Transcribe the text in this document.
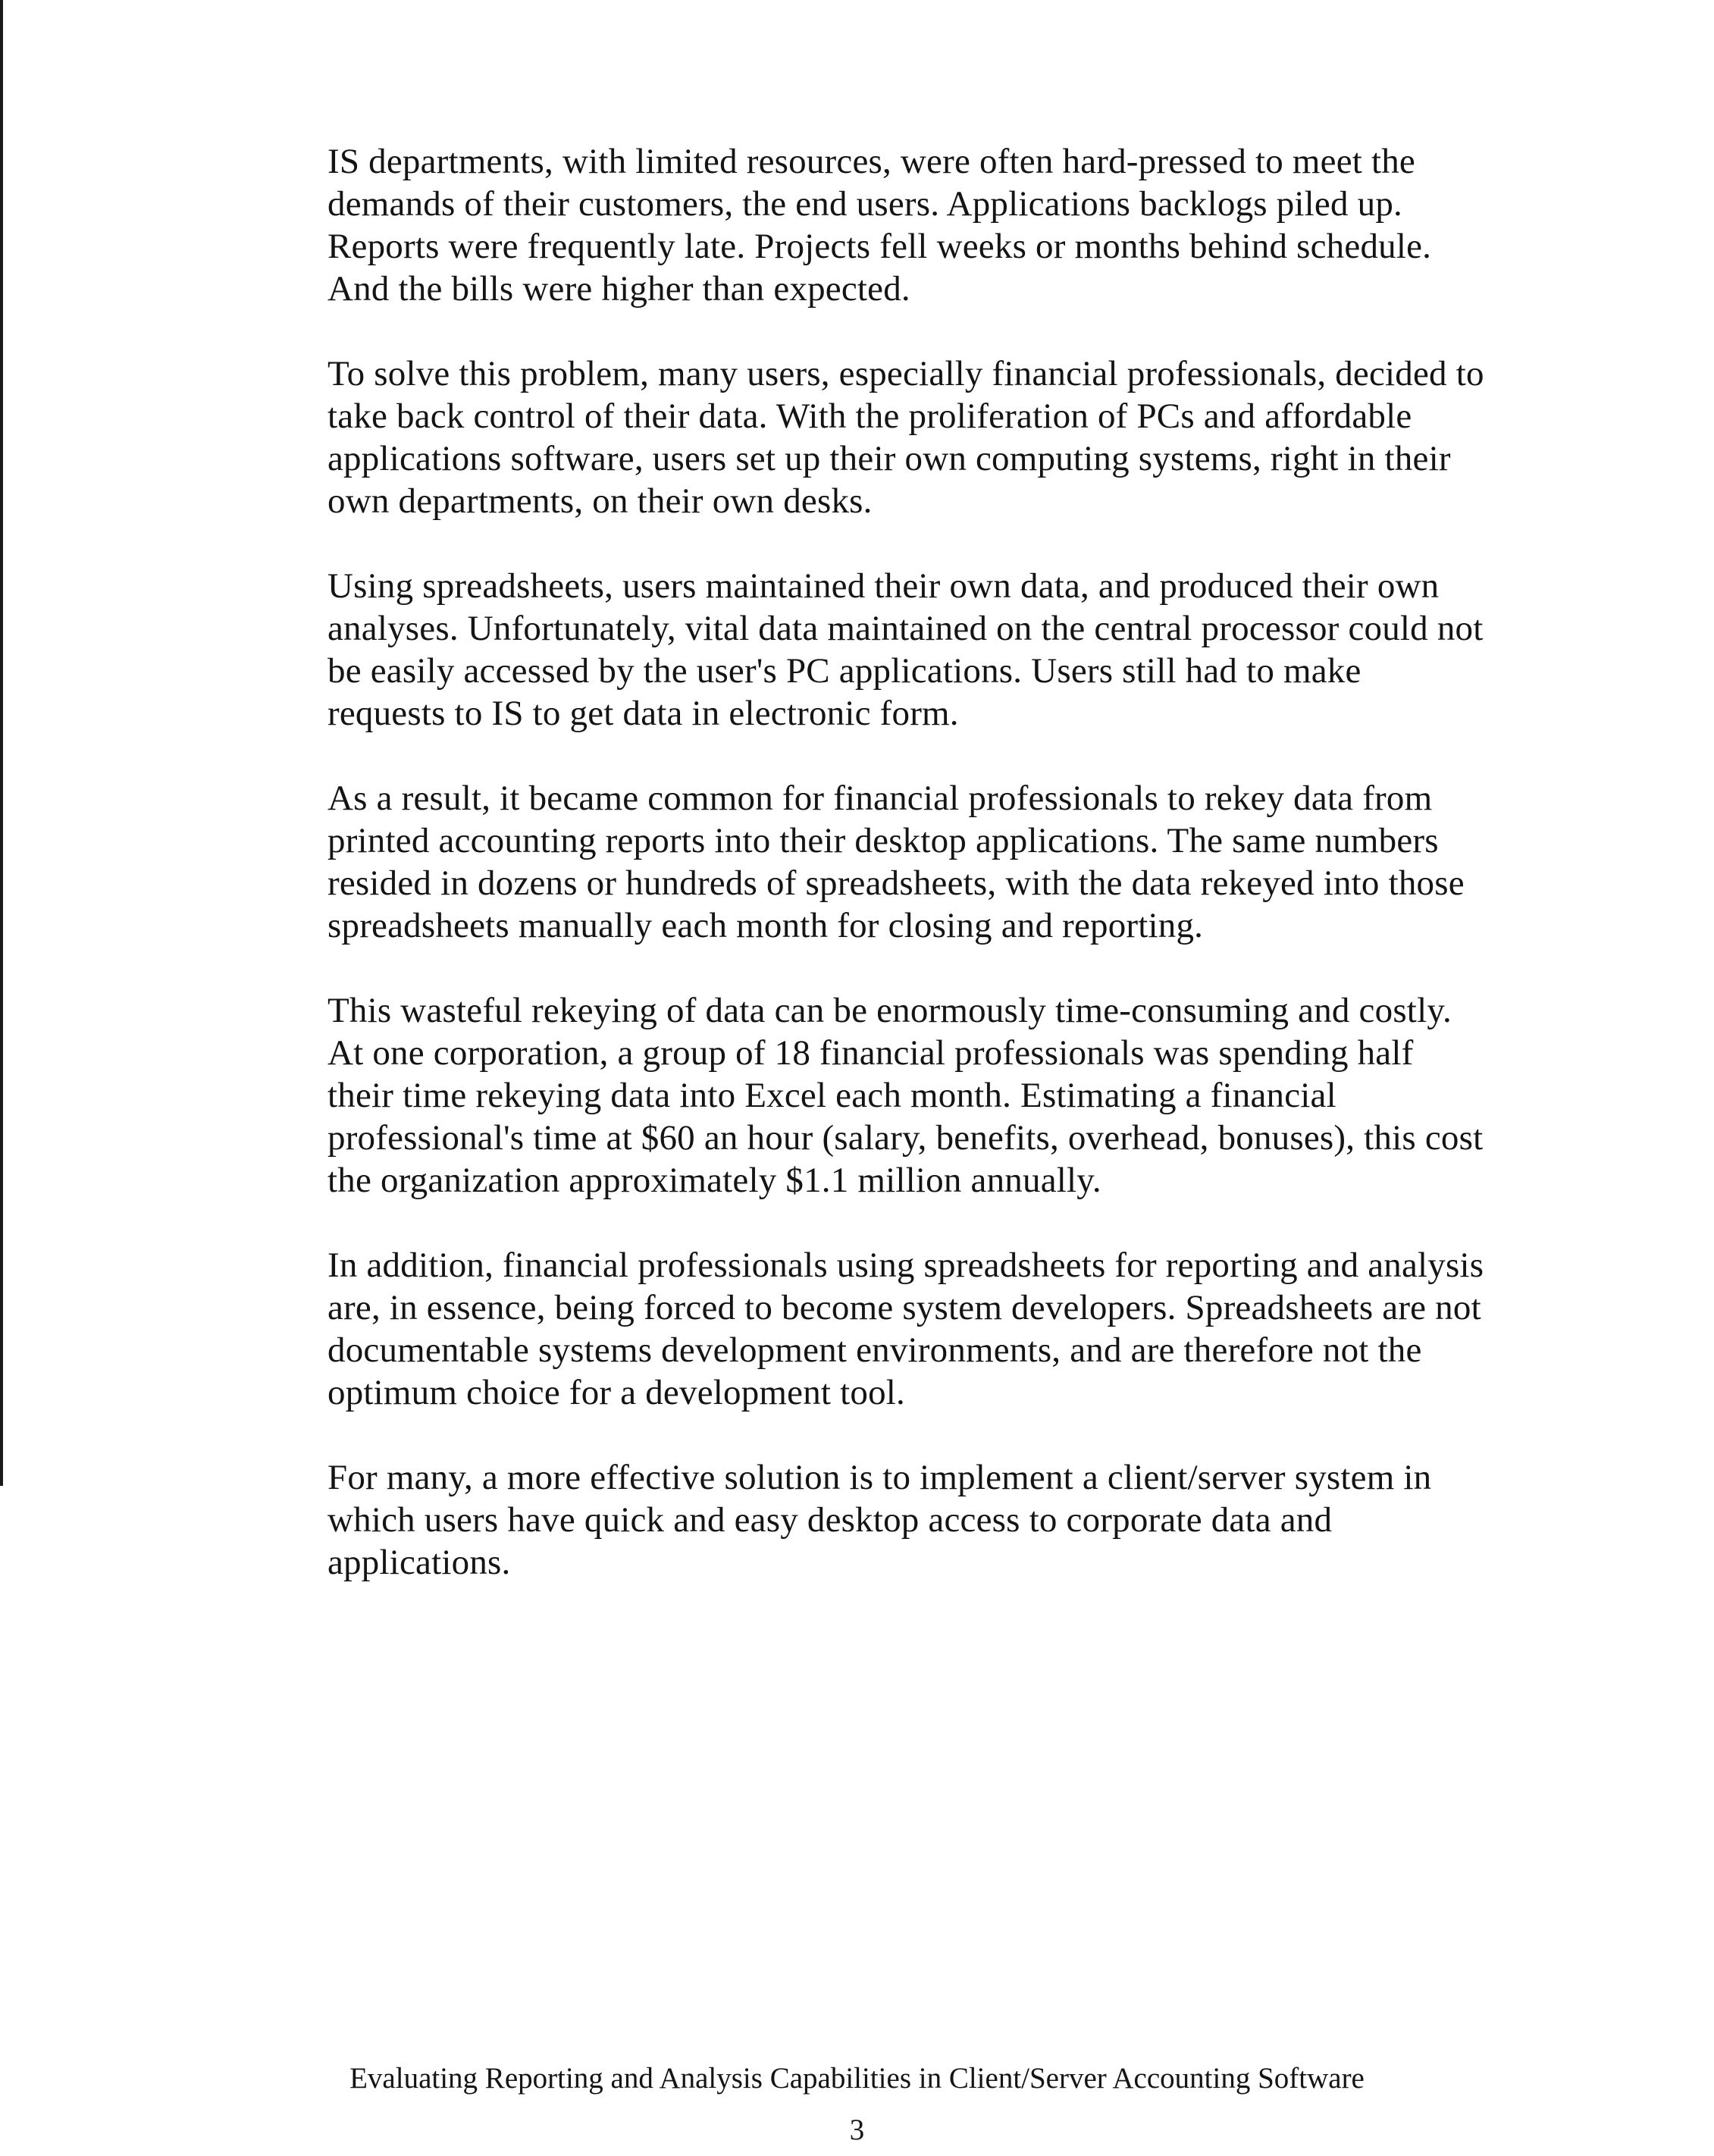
IS departments, with limited resources, were often hard-pressed to meet the demands of their customers, the end users. Applications backlogs piled up. Reports were frequently late. Projects fell weeks or months behind schedule. And the bills were higher than expected.

To solve this problem, many users, especially financial professionals, decided to take back control of their data. With the proliferation of PCs and affordable applications software, users set up their own computing systems, right in their own departments, on their own desks.

Using spreadsheets, users maintained their own data, and produced their own analyses. Unfortunately, vital data maintained on the central processor could not be easily accessed by the user's PC applications. Users still had to make requests to IS to get data in electronic form.

As a result, it became common for financial professionals to rekey data from printed accounting reports into their desktop applications. The same numbers resided in dozens or hundreds of spreadsheets, with the data rekeyed into those spreadsheets manually each month for closing and reporting.

This wasteful rekeying of data can be enormously time-consuming and costly. At one corporation, a group of 18 financial professionals was spending half their time rekeying data into Excel each month. Estimating a financial professional's time at $60 an hour (salary, benefits, overhead, bonuses), this cost the organization approximately $1.1 million annually.

In addition, financial professionals using spreadsheets for reporting and analysis are, in essence, being forced to become system developers. Spreadsheets are not documentable systems development environments, and are therefore not the optimum choice for a development tool.

For many, a more effective solution is to implement a client/server system in which users have quick and easy desktop access to corporate data and applications.

Evaluating Reporting and Analysis Capabilities in Client/Server Accounting Software
3
